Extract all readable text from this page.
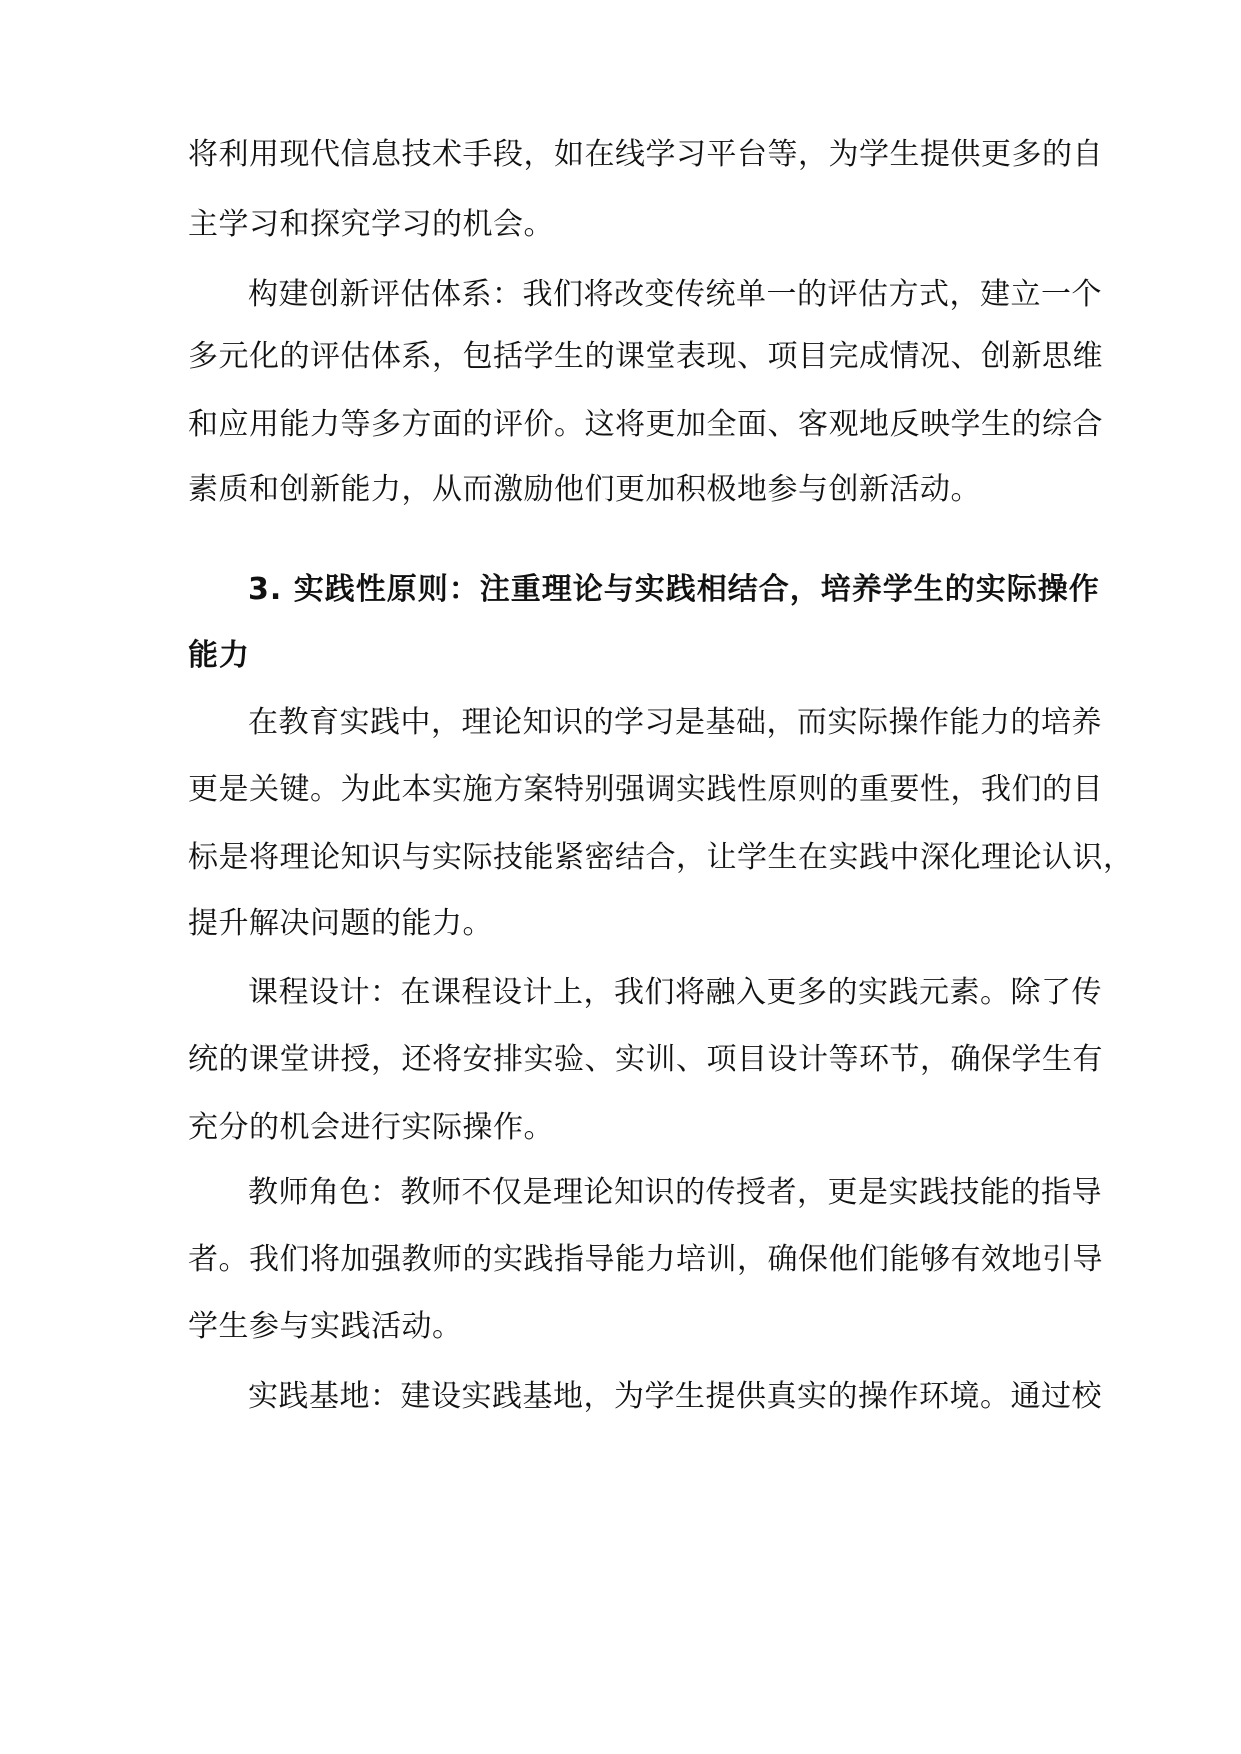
将利用现代信息技术手段，如在线学习平台等，为学生提供更多的自
主学习和探究学习的机会。
构建创新评估体系：我们将改变传统单一的评估方式，建立一个
多元化的评估体系，包括学生的课堂表现、项目完成情况、创新思维
和应用能力等多方面的评价。这将更加全面、客观地反映学生的综合
素质和创新能力，从而激励他们更加积极地参与创新活动。
3. 实践性原则：注重理论与实践相结合，培养学生的实际操作
能力
在教育实践中，理论知识的学习是基础，而实际操作能力的培养
更是关键。为此本实施方案特别强调实践性原则的重要性，我们的目
标是将理论知识与实际技能紧密结合，让学生在实践中深化理论认识，
提升解决问题的能力。
课程设计：在课程设计上，我们将融入更多的实践元素。除了传
统的课堂讲授，还将安排实验、实训、项目设计等环节，确保学生有
充分的机会进行实际操作。
教师角色：教师不仅是理论知识的传授者，更是实践技能的指导
者。我们将加强教师的实践指导能力培训，确保他们能够有效地引导
学生参与实践活动。
实践基地：建设实践基地，为学生提供真实的操作环境。通过校
